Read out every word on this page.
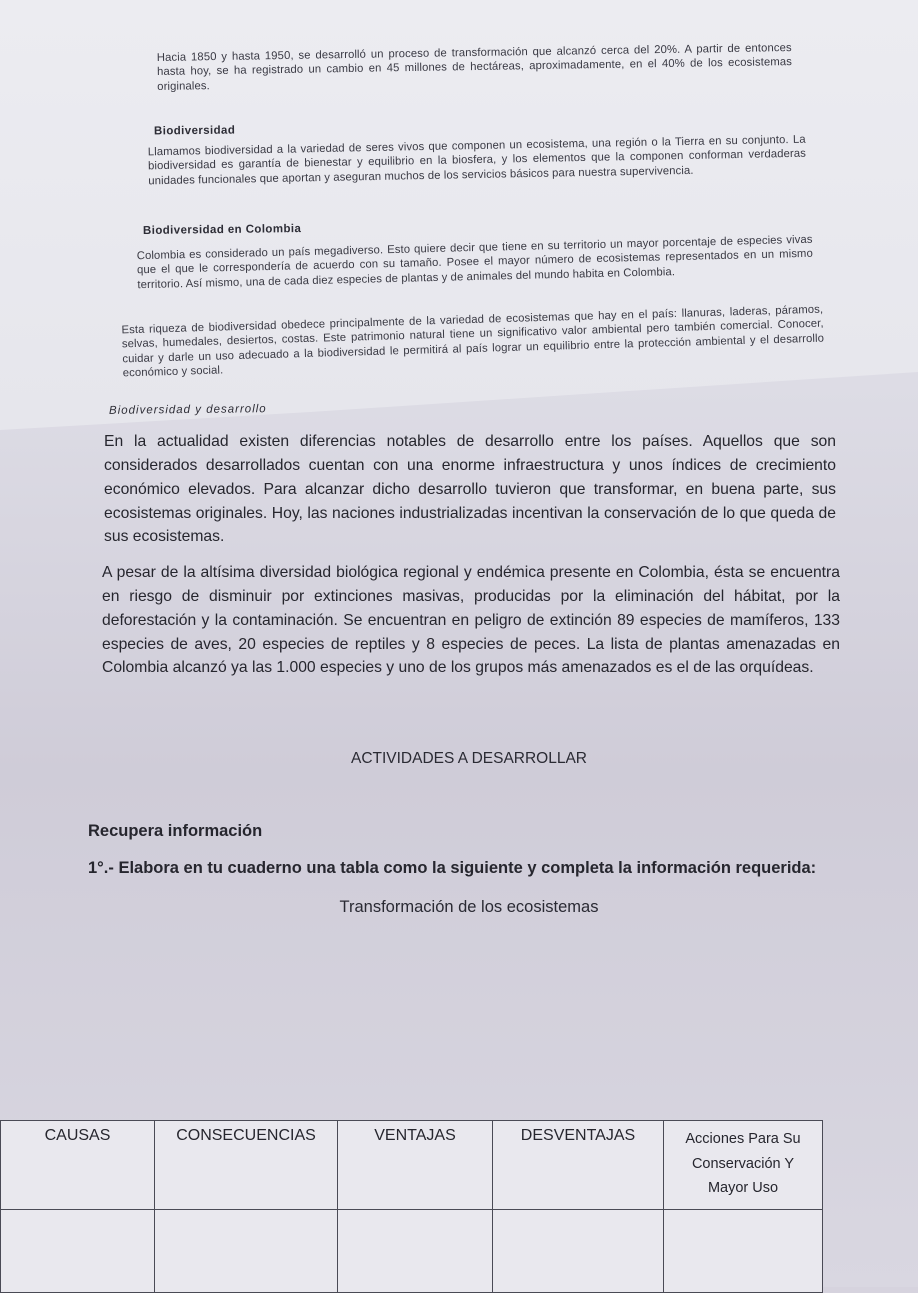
Hacia 1850 y hasta 1950, se desarrolló un proceso de transformación que alcanzó cerca del 20%. A partir de entonces hasta hoy, se ha registrado un cambio en 45 millones de hectáreas, aproximadamente, en el 40% de los ecosistemas originales.

Biodiversidad

Llamamos biodiversidad a la variedad de seres vivos que componen un ecosistema, una región o la Tierra en su conjunto. La biodiversidad es garantía de bienestar y equilibrio en la biosfera, y los elementos que la componen conforman verdaderas unidades funcionales que aportan y aseguran muchos de los servicios básicos para nuestra supervivencia.

Biodiversidad en Colombia

Colombia es considerado un país megadiverso. Esto quiere decir que tiene en su territorio un mayor porcentaje de especies vivas que el que le correspondería de acuerdo con su tamaño. Posee el mayor número de ecosistemas representados en un mismo territorio. Así mismo, una de cada diez especies de plantas y de animales del mundo habita en Colombia.

Esta riqueza de biodiversidad obedece principalmente de la variedad de ecosistemas que hay en el país: llanuras, laderas, páramos, selvas, humedales, desiertos, costas. Este patrimonio natural tiene un significativo valor ambiental pero también comercial. Conocer, cuidar y darle un uso adecuado a la biodiversidad le permitirá al país lograr un equilibrio entre la protección ambiental y el desarrollo económico y social.

Biodiversidad y desarrollo

En la actualidad existen diferencias notables de desarrollo entre los países. Aquellos que son considerados desarrollados cuentan con una enorme infraestructura y unos índices de crecimiento económico elevados. Para alcanzar dicho desarrollo tuvieron que transformar, en buena parte, sus ecosistemas originales. Hoy, las naciones industrializadas incentivan la conservación de lo que queda de sus ecosistemas.

A pesar de la altísima diversidad biológica regional y endémica presente en Colombia, ésta se encuentra en riesgo de disminuir por extinciones masivas, producidas por la eliminación del hábitat, por la deforestación y la contaminación. Se encuentran en peligro de extinción 89 especies de mamíferos, 133 especies de aves, 20 especies de reptiles y 8 especies de peces. La lista de plantas amenazadas en Colombia alcanzó ya las 1.000 especies y uno de los grupos más amenazados es el de las orquídeas.

ACTIVIDADES A DESARROLLAR
Recupera información
1°.- Elabora en tu cuaderno una tabla como la siguiente y completa la información requerida:
Transformación de los ecosistemas
CAUSAS	CONSECUENCIAS	VENTAJAS	DESVENTAJAS	Acciones Para Su Conservación Y Mayor Uso
